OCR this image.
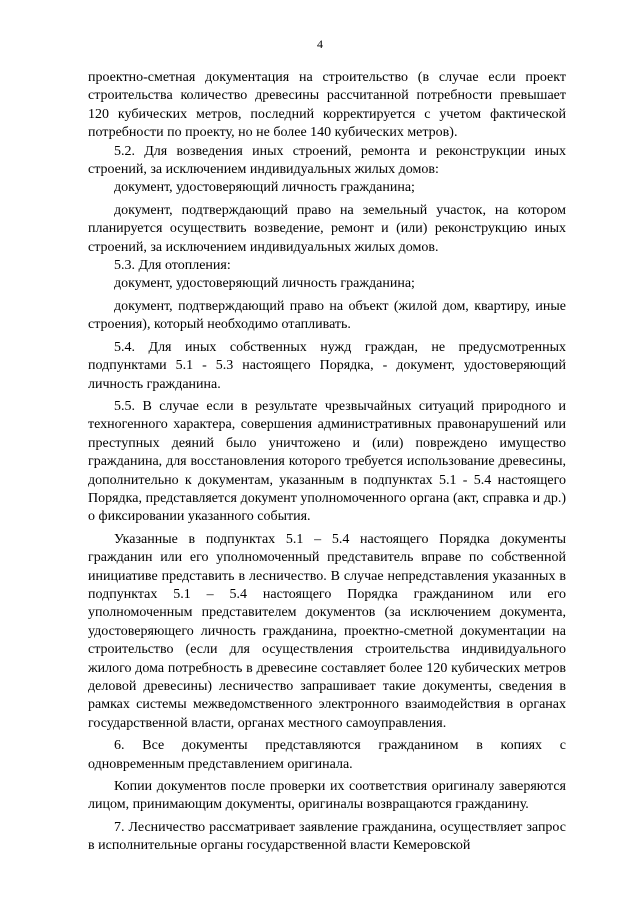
4

проектно-сметная документация на строительство (в случае если проект строительства количество древесины рассчитанной потребности превышает 120 кубических метров, последний корректируется с учетом фактической потребности по проекту, но не более 140 кубических метров).

5.2. Для возведения иных строений, ремонта и реконструкции иных строений, за исключением индивидуальных жилых домов:

документ, удостоверяющий личность гражданина;

документ, подтверждающий право на земельный участок, на котором планируется осуществить возведение, ремонт и (или) реконструкцию иных строений, за исключением индивидуальных жилых домов.

5.3. Для отопления:

документ, удостоверяющий личность гражданина;

документ, подтверждающий право на объект (жилой дом, квартиру, иные строения), который необходимо отапливать.

5.4. Для иных собственных нужд граждан, не предусмотренных подпунктами 5.1 - 5.3 настоящего Порядка, - документ, удостоверяющий личность гражданина.

5.5. В случае если в результате чрезвычайных ситуаций природного и техногенного характера, совершения административных правонарушений или преступных деяний было уничтожено и (или) повреждено имущество гражданина, для восстановления которого требуется использование древесины, дополнительно к документам, указанным в подпунктах 5.1 - 5.4 настоящего Порядка, представляется документ уполномоченного органа (акт, справка и др.) о фиксировании указанного события.

Указанные в подпунктах 5.1 – 5.4 настоящего Порядка документы гражданин или его уполномоченный представитель вправе по собственной инициативе представить в лесничество. В случае непредставления указанных в подпунктах 5.1 – 5.4 настоящего Порядка гражданином или его уполномоченным представителем документов (за исключением документа, удостоверяющего личность гражданина, проектно-сметной документации на строительство (если для осуществления строительства индивидуального жилого дома потребность в древесине составляет более 120 кубических метров деловой древесины) лесничество запрашивает такие документы, сведения в рамках системы межведомственного электронного взаимодействия в органах государственной власти, органах местного самоуправления.

6. Все документы представляются гражданином в копиях с одновременным представлением оригинала.

Копии документов после проверки их соответствия оригиналу заверяются лицом, принимающим документы, оригиналы возвращаются гражданину.

7. Лесничество рассматривает заявление гражданина, осуществляет запрос в исполнительные органы государственной власти Кемеровской
